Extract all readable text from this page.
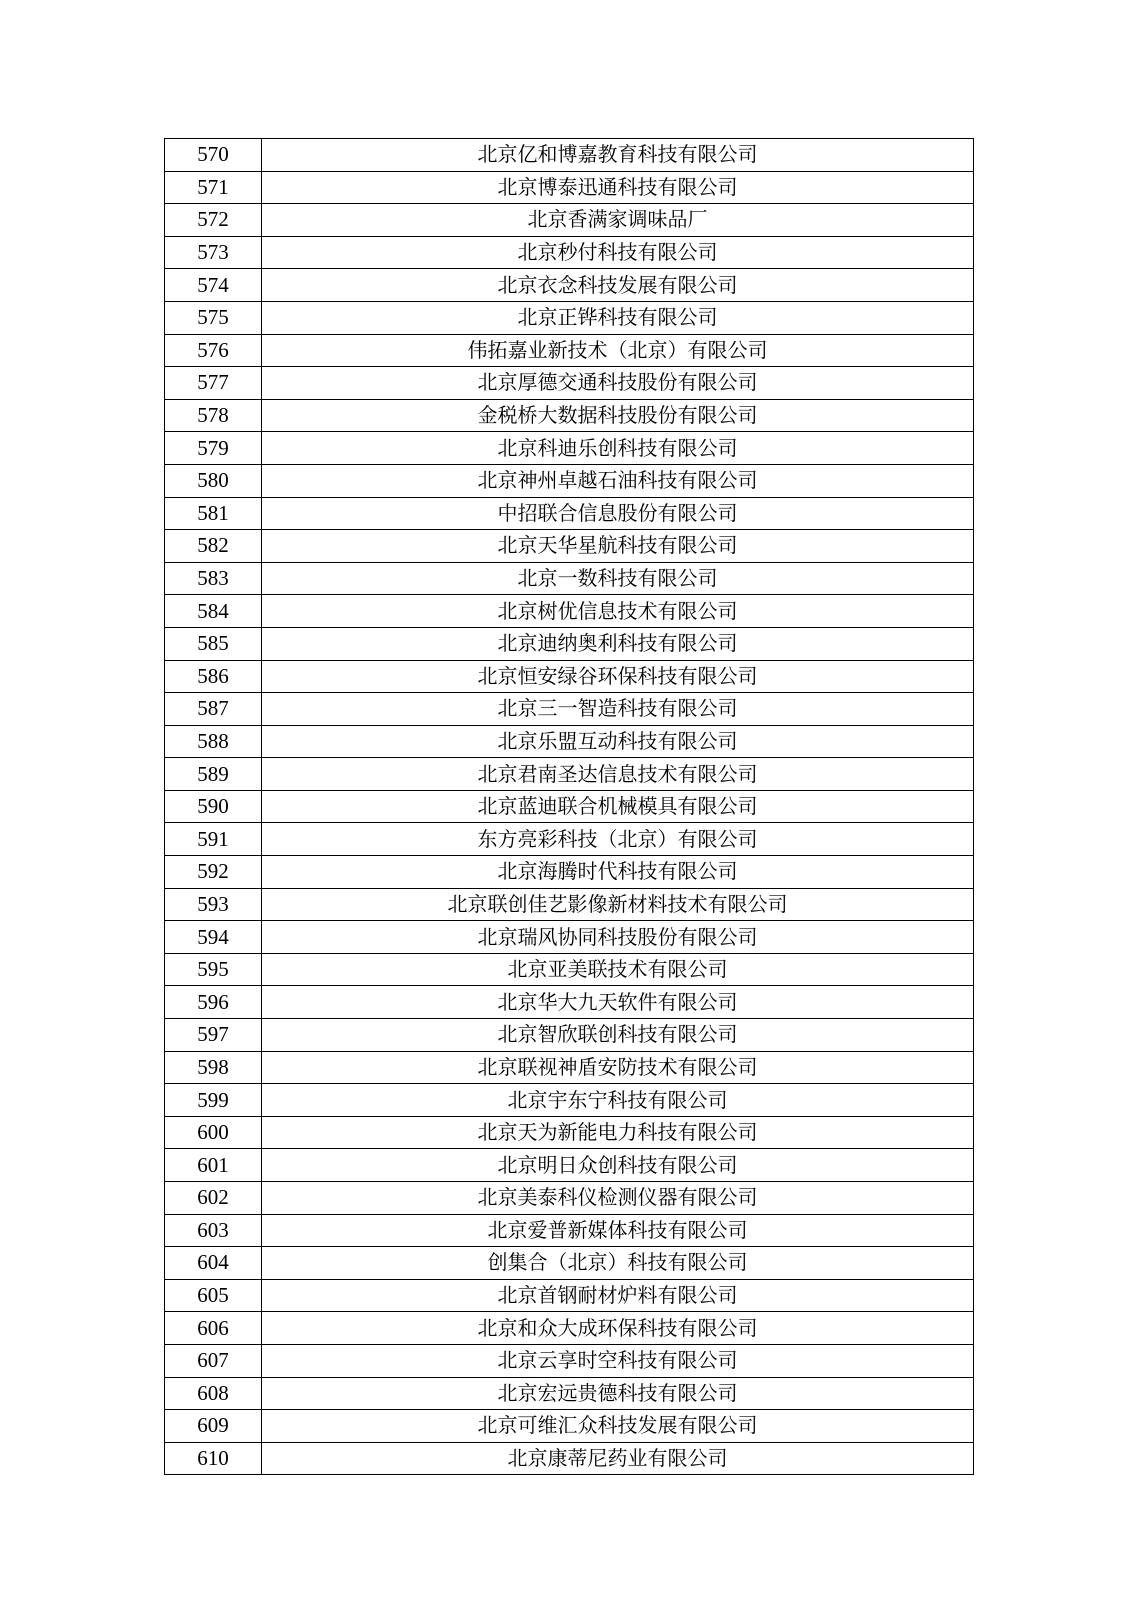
570	北京亿和博嘉教育科技有限公司
571	北京博泰迅通科技有限公司
572	北京香满家调味品厂
573	北京秒付科技有限公司
574	北京衣念科技发展有限公司
575	北京正铧科技有限公司
576	伟拓嘉业新技术（北京）有限公司
577	北京厚德交通科技股份有限公司
578	金税桥大数据科技股份有限公司
579	北京科迪乐创科技有限公司
580	北京神州卓越石油科技有限公司
581	中招联合信息股份有限公司
582	北京天华星航科技有限公司
583	北京一数科技有限公司
584	北京树优信息技术有限公司
585	北京迪纳奥利科技有限公司
586	北京恒安绿谷环保科技有限公司
587	北京三一智造科技有限公司
588	北京乐盟互动科技有限公司
589	北京君南圣达信息技术有限公司
590	北京蓝迪联合机械模具有限公司
591	东方亮彩科技（北京）有限公司
592	北京海腾时代科技有限公司
593	北京联创佳艺影像新材料技术有限公司
594	北京瑞风协同科技股份有限公司
595	北京亚美联技术有限公司
596	北京华大九天软件有限公司
597	北京智欣联创科技有限公司
598	北京联视神盾安防技术有限公司
599	北京宇东宁科技有限公司
600	北京天为新能电力科技有限公司
601	北京明日众创科技有限公司
602	北京美泰科仪检测仪器有限公司
603	北京爱普新媒体科技有限公司
604	创集合（北京）科技有限公司
605	北京首钢耐材炉料有限公司
606	北京和众大成环保科技有限公司
607	北京云享时空科技有限公司
608	北京宏远贵德科技有限公司
609	北京可维汇众科技发展有限公司
610	北京康蒂尼药业有限公司
